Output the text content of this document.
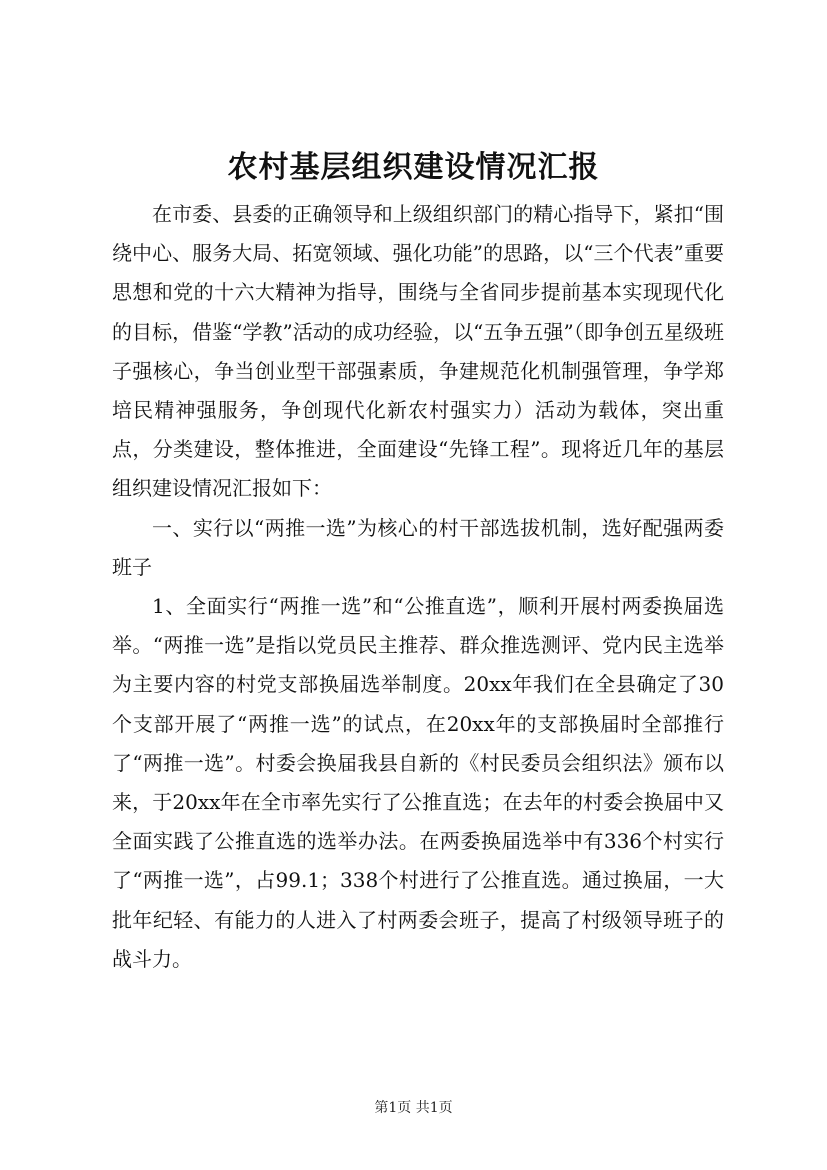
农村基层组织建设情况汇报

在市委、县委的正确领导和上级组织部门的精心指导下，紧扣“围绕中心、服务大局、拓宽领域、强化功能”的思路，以“三个代表”重要思想和党的十六大精神为指导，围绕与全省同步提前基本实现现代化的目标，借鉴“学教”活动的成功经验，以“五争五强”（即争创五星级班子强核心，争当创业型干部强素质，争建规范化机制强管理，争学郑培民精神强服务，争创现代化新农村强实力）活动为载体，突出重点，分类建设，整体推进，全面建设“先锋工程”。现将近几年的基层组织建设情况汇报如下：

一、实行以“两推一选”为核心的村干部选拔机制，选好配强两委班子

1、全面实行“两推一选”和“公推直选”，顺利开展村两委换届选举。“两推一选”是指以党员民主推荐、群众推选测评、党内民主选举为主要内容的村党支部换届选举制度。20xx年我们在全县确定了30个支部开展了“两推一选”的试点，在20xx年的支部换届时全部推行了“两推一选”。村委会换届我县自新的《村民委员会组织法》颁布以来，于20xx年在全市率先实行了公推直选；在去年的村委会换届中又全面实践了公推直选的选举办法。在两委换届选举中有336个村实行了“两推一选”，占99.1；338个村进行了公推直选。通过换届，一大批年纪轻、有能力的人进入了村两委会班子，提高了村级领导班子的战斗力。

第1页 共1页
